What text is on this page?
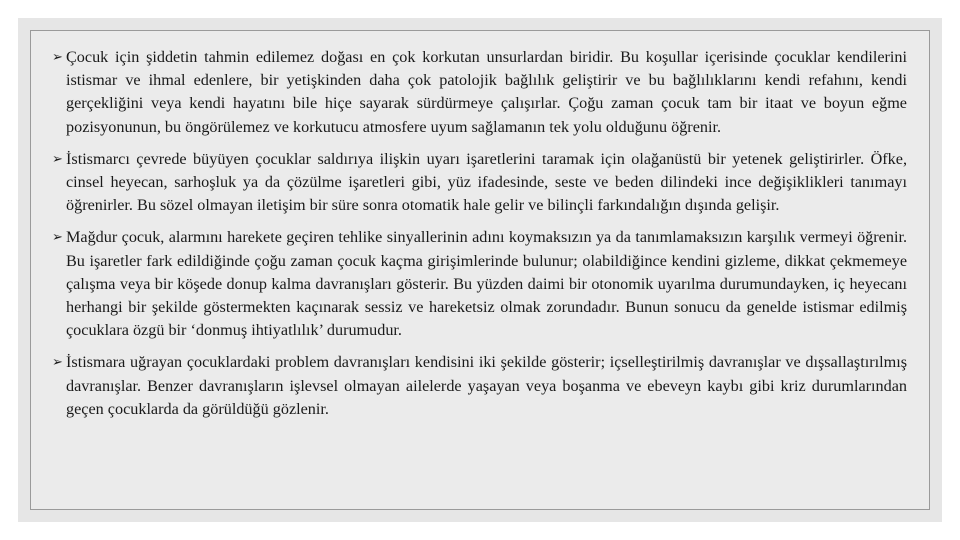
➢ Çocuk için şiddetin tahmin edilemez doğası en çok korkutan unsurlardan biridir. Bu koşullar içerisinde çocuklar kendilerini istismar ve ihmal edenlere, bir yetişkinden daha çok patolojik bağlılık geliştirir ve bu bağlılıklarını kendi refahını, kendi gerçekliğini veya kendi hayatını bile hiçe sayarak sürdürmeye çalışırlar. Çoğu zaman çocuk tam bir itaat ve boyun eğme pozisyonunun, bu öngörülemez ve korkutucu atmosfere uyum sağlamanın tek yolu olduğunu öğrenir.

➢ İstismarcı çevrede büyüyen çocuklar saldırıya ilişkin uyarı işaretlerini taramak için olağanüstü bir yetenek geliştirirler. Öfke, cinsel heyecan, sarhoşluk ya da çözülme işaretleri gibi, yüz ifadesinde, seste ve beden dilindeki ince değişiklikleri tanımayı öğrenirler. Bu sözel olmayan iletişim bir süre sonra otomatik hale gelir ve bilinçli farkındalığın dışında gelişir.

➢ Mağdur çocuk, alarmını harekete geçiren tehlike sinyallerinin adını koymaksızın ya da tanımlamaksızın karşılık vermeyi öğrenir. Bu işaretler fark edildiğinde çoğu zaman çocuk kaçma girişimlerinde bulunur; olabildiğince kendini gizleme, dikkat çekmemeye çalışma veya bir köşede donup kalma davranışları gösterir. Bu yüzden daimi bir otonomik uyarılma durumundayken, iç heyecanı herhangi bir şekilde göstermekten kaçınarak sessiz ve hareketsiz olmak zorundadır. Bunun sonucu da genelde istismar edilmiş çocuklara özgü bir ‘donmuş ihtiyatlılık’ durumudur.

➢ İstismara uğrayan çocuklardaki problem davranışları kendisini iki şekilde gösterir; içselleştirilmiş davranışlar ve dışsallaştırılmış davranışlar. Benzer davranışların işlevsel olmayan ailelerde yaşayan veya boşanma ve ebeveyn kaybı gibi kriz durumlarından geçen çocuklarda da görüldüğü gözlenir.
